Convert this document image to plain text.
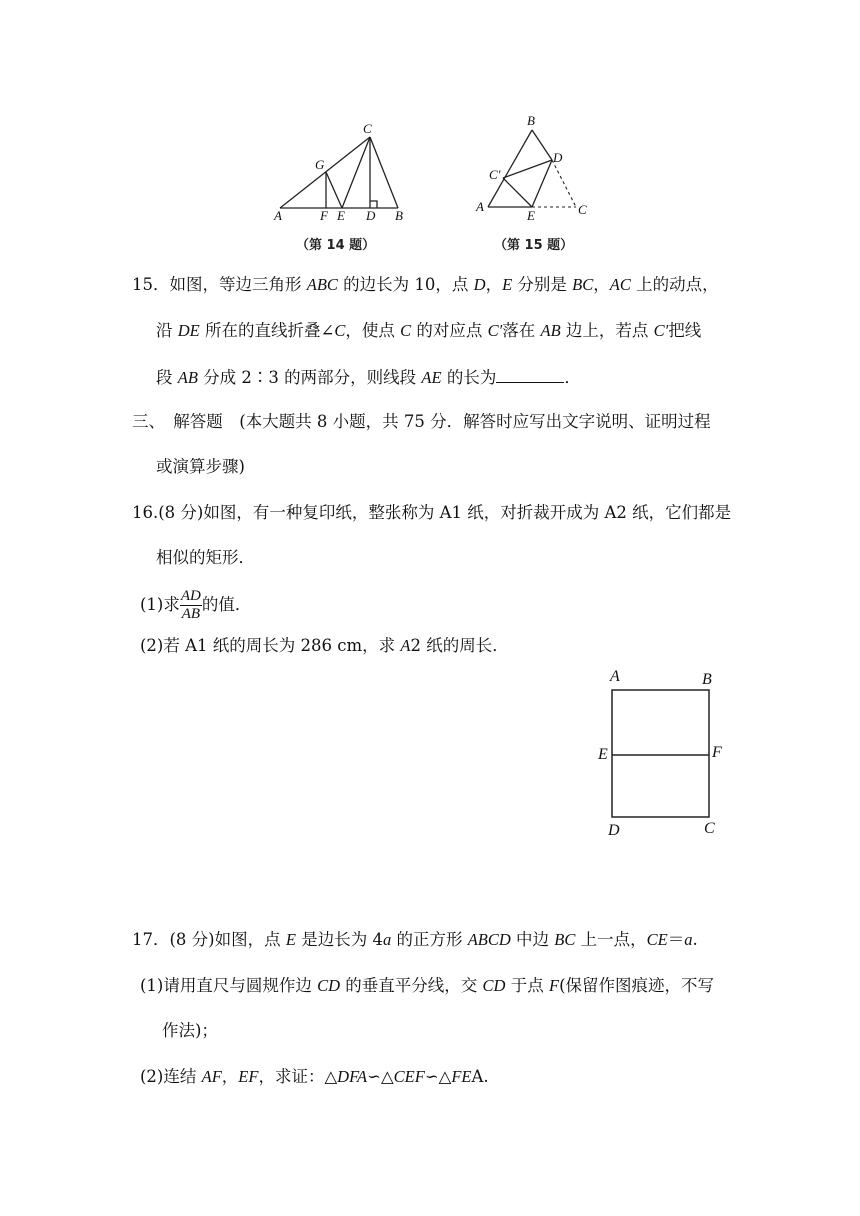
C
G
A	F E D B
（第 14 题）
B
D
C′
A
E	C
（第 15 题）
15．如图，等边三角形 ABC 的边长为 10，点 D，E 分别是 BC，AC 上的动点，
沿 DE 所在的直线折叠∠C，使点 C 的对应点 C′落在 AB 边上，若点 C′把线
段 AB 分成 2∶3 的两部分，则线段 AE 的长为	．
三、　解答题　(本大题共 8 小题，共 75 分．解答时应写出文字说明、证明过程
或演算步骤)
16.(8 分)如图，有一种复印纸，整张称为 A1 纸，对折裁开成为 A2 纸，它们都是
相似的矩形．
(1)求 $\frac{AD}{AB}$ 的值．
(2)若 A1 纸的周长为 286 cm，求 A2 纸的周长．
A	B
E	F
D	C
17．(8 分)如图，点 E 是边长为 4a 的正方形 ABCD 中边 BC 上一点，CE＝a.
(1)请用直尺与圆规作边 CD 的垂直平分线，交 CD 于点 F(保留作图痕迹，不写
作法)；
(2)连结 AF，EF，求证：△DFA∽△CEF∽△FEA.
